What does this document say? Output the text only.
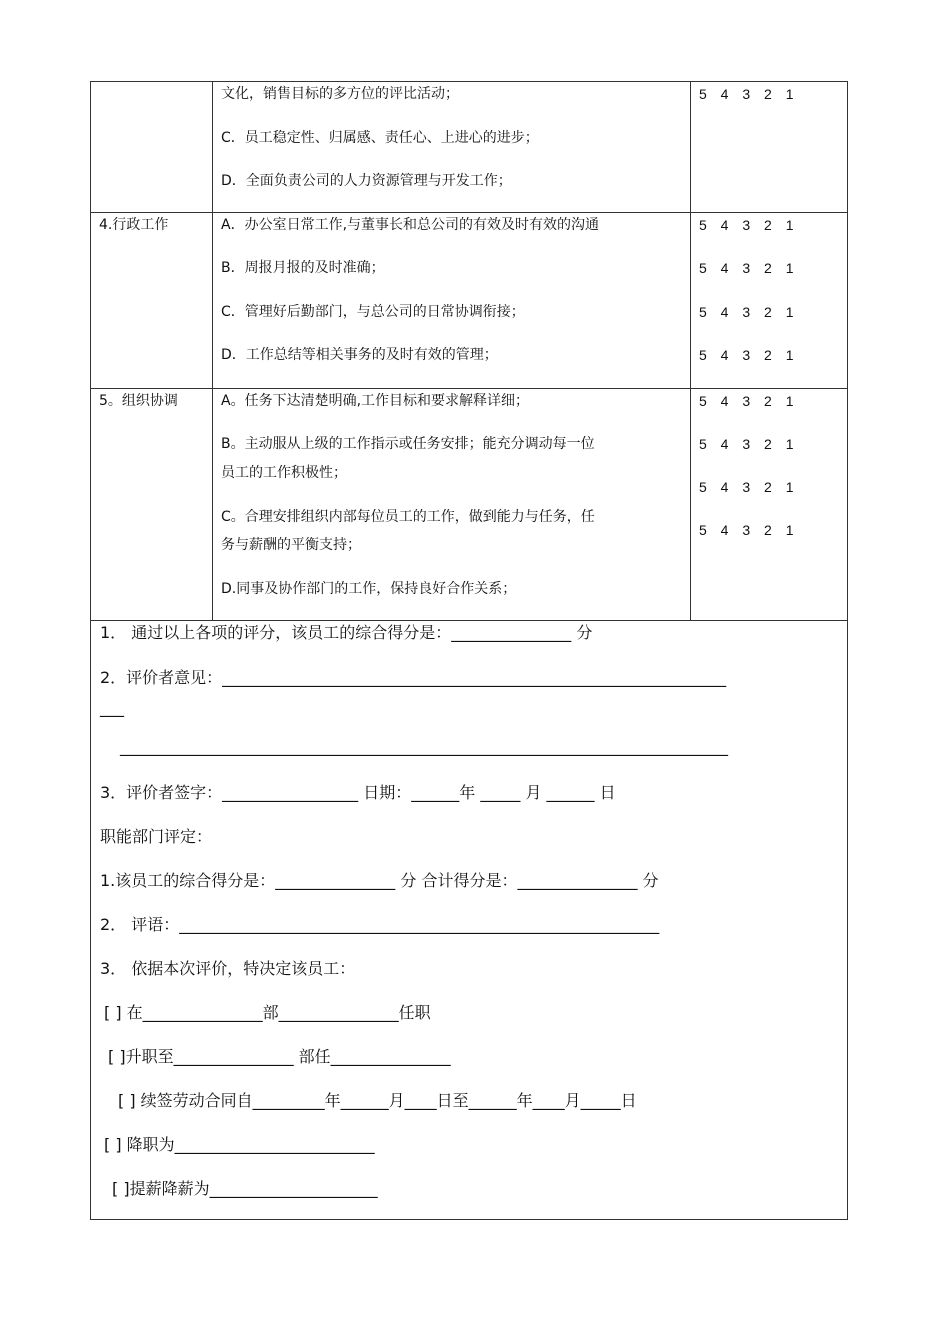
文化，销售目标的多方位的评比活动；
C．员工稳定性、归属感、责任心、上进心的进步；
D．全面负责公司的人力资源管理与开发工作；
5 4 3 2 1
4.行政工作	A．办公室日常工作,与董事长和总公司的有效及时有效的沟通
B．周报月报的及时准确；
C．管理好后勤部门，与总公司的日常协调衔接；
D．工作总结等相关事务的及时有效的管理；
5 4 3 2 1
5 4 3 2 1
5 4 3 2 1
5 4 3 2 1
5。组织协调	A。任务下达清楚明确,工作目标和要求解释详细；
B。主动服从上级的工作指示或任务安排；能充分调动每一位
员工的工作积极性；
C。合理安排组织内部每位员工的工作，做到能力与任务，任
务与薪酬的平衡支持；
D.同事及协作部门的工作，保持良好合作关系；
5 4 3 2 1
5 4 3 2 1
5 4 3 2 1
5 4 3 2 1
1． 通过以上各项的评分，该员工的综合得分是：_______________ 分
2．评价者意见：_______________________________________________________________
___
____________________________________________________________________________
3．评价者签字：_________________ 日期：______年 _____ 月 ______ 日
职能部门评定：
1.该员工的综合得分是：_______________ 分 合计得分是：_______________ 分
2． 评语：____________________________________________________________
3． 依据本次评价，特决定该员工：
[ ] 在_______________部_______________任职
[ ]升职至_______________ 部任_______________
[ ] 续签劳动合同自_________年______月____日至______年____月_____日
[ ] 降职为_________________________
[ ]提薪降薪为_____________________
